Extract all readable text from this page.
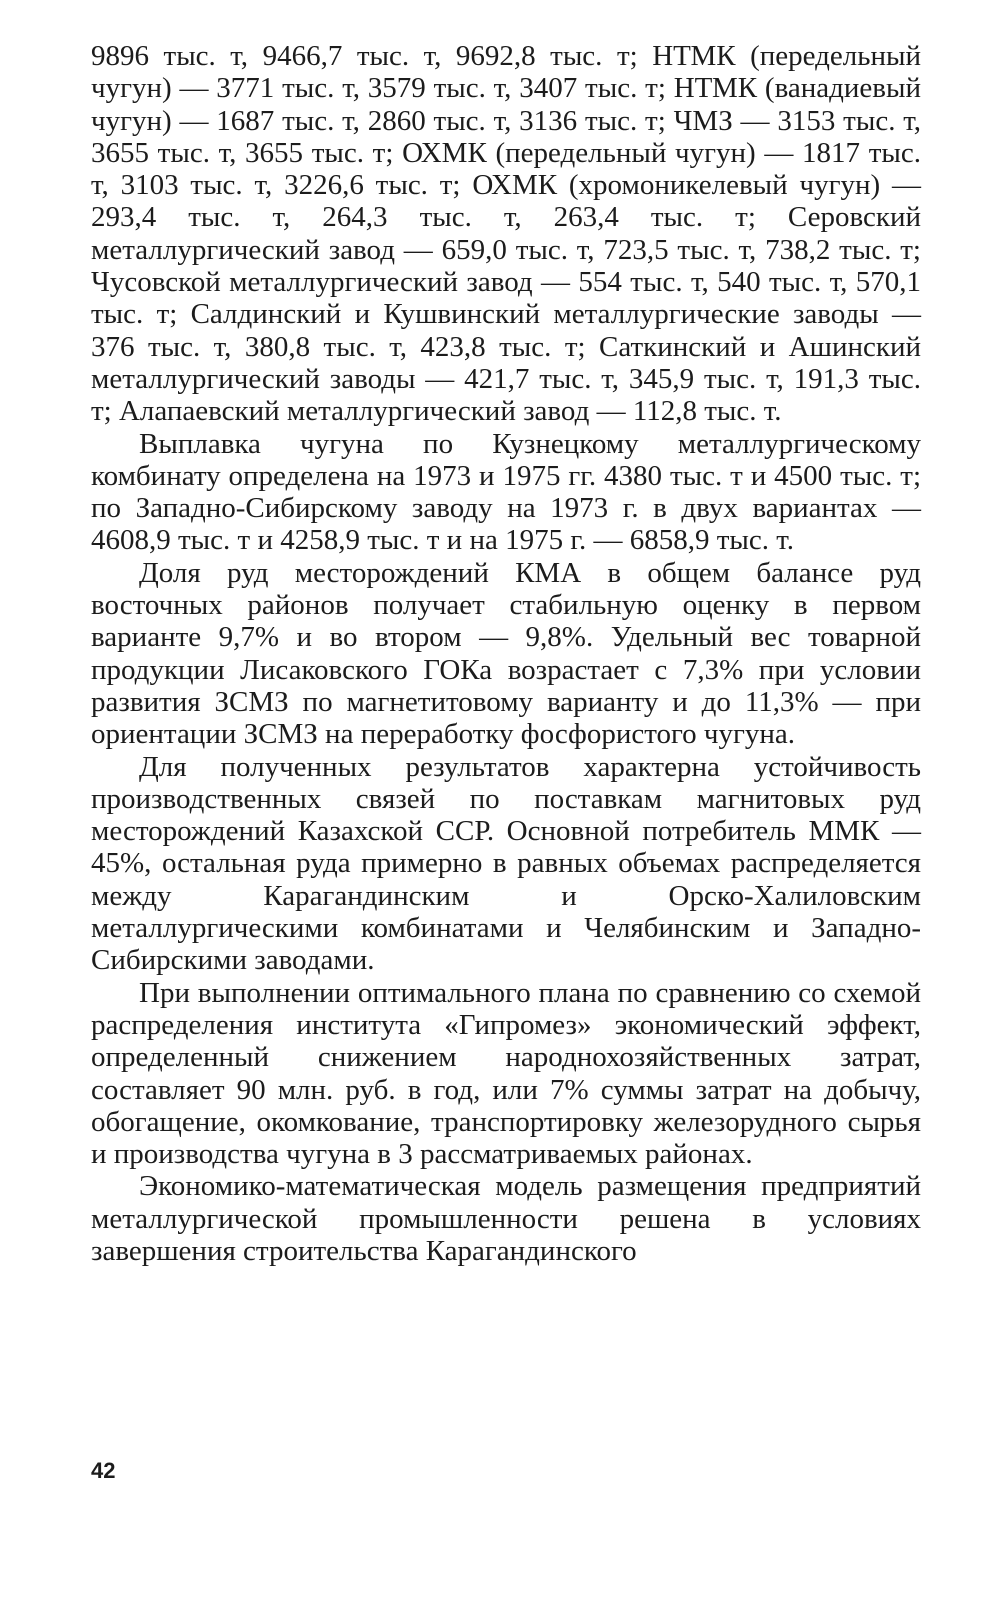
9896 тыс. т, 9466,7 тыс. т, 9692,8 тыс. т; НТМК (передельный чугун) — 3771 тыс. т, 3579 тыс. т, 3407 тыс. т; НТМК (ванадиевый чугун) — 1687 тыс. т, 2860 тыс. т, 3136 тыс. т; ЧМЗ — 3153 тыс. т, 3655 тыс. т, 3655 тыс. т; ОХМК (передельный чугун) — 1817 тыс. т, 3103 тыс. т, 3226,6 тыс. т; ОХМК (хромоникелевый чугун) — 293,4 тыс. т, 264,3 тыс. т, 263,4 тыс. т; Серовский металлургический завод — 659,0 тыс. т, 723,5 тыс. т, 738,2 тыс. т; Чусовской металлургический завод — 554 тыс. т, 540 тыс. т, 570,1 тыс. т; Салдинский и Кушвинский металлургические заводы — 376 тыс. т, 380,8 тыс. т, 423,8 тыс. т; Саткинский и Ашинский металлургический заводы — 421,7 тыс. т, 345,9 тыс. т, 191,3 тыс. т; Алапаевский металлургический завод — 112,8 тыс. т.

Выплавка чугуна по Кузнецкому металлургическому комбинату определена на 1973 и 1975 гг. 4380 тыс. т и 4500 тыс. т; по Западно-Сибирскому заводу на 1973 г. в двух вариантах — 4608,9 тыс. т и 4258,9 тыс. т и на 1975 г. — 6858,9 тыс. т.

Доля руд месторождений КМА в общем балансе руд восточных районов получает стабильную оценку в первом варианте 9,7% и во втором — 9,8%. Удельный вес товарной продукции Лисаковского ГОКа возрастает с 7,3% при условии развития ЗСМЗ по магнетитовому варианту и до 11,3% — при ориентации ЗСМЗ на переработку фосфористого чугуна.

Для полученных результатов характерна устойчивость производственных связей по поставкам магнитовых руд месторождений Казахской ССР. Основной потребитель ММК — 45%, остальная руда примерно в равных объемах распределяется между Карагандинским и Орско-Халиловским металлургическими комбинатами и Челябинским и Западно-Сибирскими заводами.

При выполнении оптимального плана по сравнению со схемой распределения института «Гипромез» экономический эффект, определенный снижением народнохозяйственных затрат, составляет 90 млн. руб. в год, или 7% суммы затрат на добычу, обогащение, окомкование, транспортировку железорудного сырья и производства чугуна в 3 рассматриваемых районах.

Экономико-математическая модель размещения предприятий металлургической промышленности решена в условиях завершения строительства Карагандинского

42
